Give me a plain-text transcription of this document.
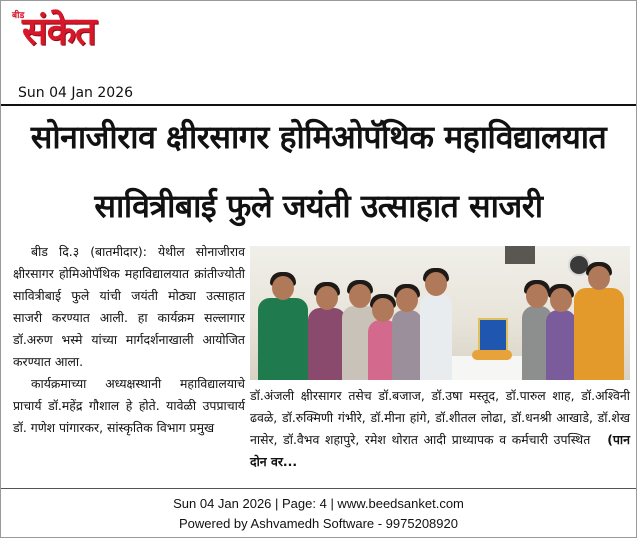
बीड
संकेत
Sun 04 Jan 2026
सोनाजीराव क्षीरसागर होमिओपॅथिक महाविद्यालयात
सावित्रीबाई फुले जयंती उत्साहात साजरी

बीड दि.३ (बातमीदार): येथील सोनाजीराव क्षीरसागर होमिओपॅथिक महाविद्यालयात क्रांतीज्योती सावित्रीबाई फुले यांची जयंती मोठ्या उत्साहात साजरी करण्यात आली. हा कार्यक्रम सल्लागार डॉ.अरुण भस्मे यांच्या मार्गदर्शनाखाली आयोजित करण्यात आला.

कार्यक्रमाच्या अध्यक्षस्थानी महाविद्यालयाचे प्राचार्य डॉ.महेंद्र गौशाल हे होते. यावेळी उपप्राचार्य डॉ. गणेश पांगारकर, सांस्कृतिक विभाग प्रमुख

डॉ.अंजली क्षीरसागर तसेच डॉ.बजाज, डॉ.उषा मस्तूद, डॉ.पारुल शाह, डॉ.अश्विनी ढवळे, डॉ.रुक्मिणी गंभीरे, डॉ.मीना हांगे, डॉ.शीतल लोढा, डॉ.धनश्री आखाडे, डॉ.शेख नासेर, डॉ.वैभव शहापुरे, रमेश थोरात आदी प्राध्यापक व कर्मचारी उपस्थित (पान दोन वर...
Sun 04 Jan 2026 | Page: 4 | www.beedsanket.com
Powered by Ashvamedh Software - 9975208920
